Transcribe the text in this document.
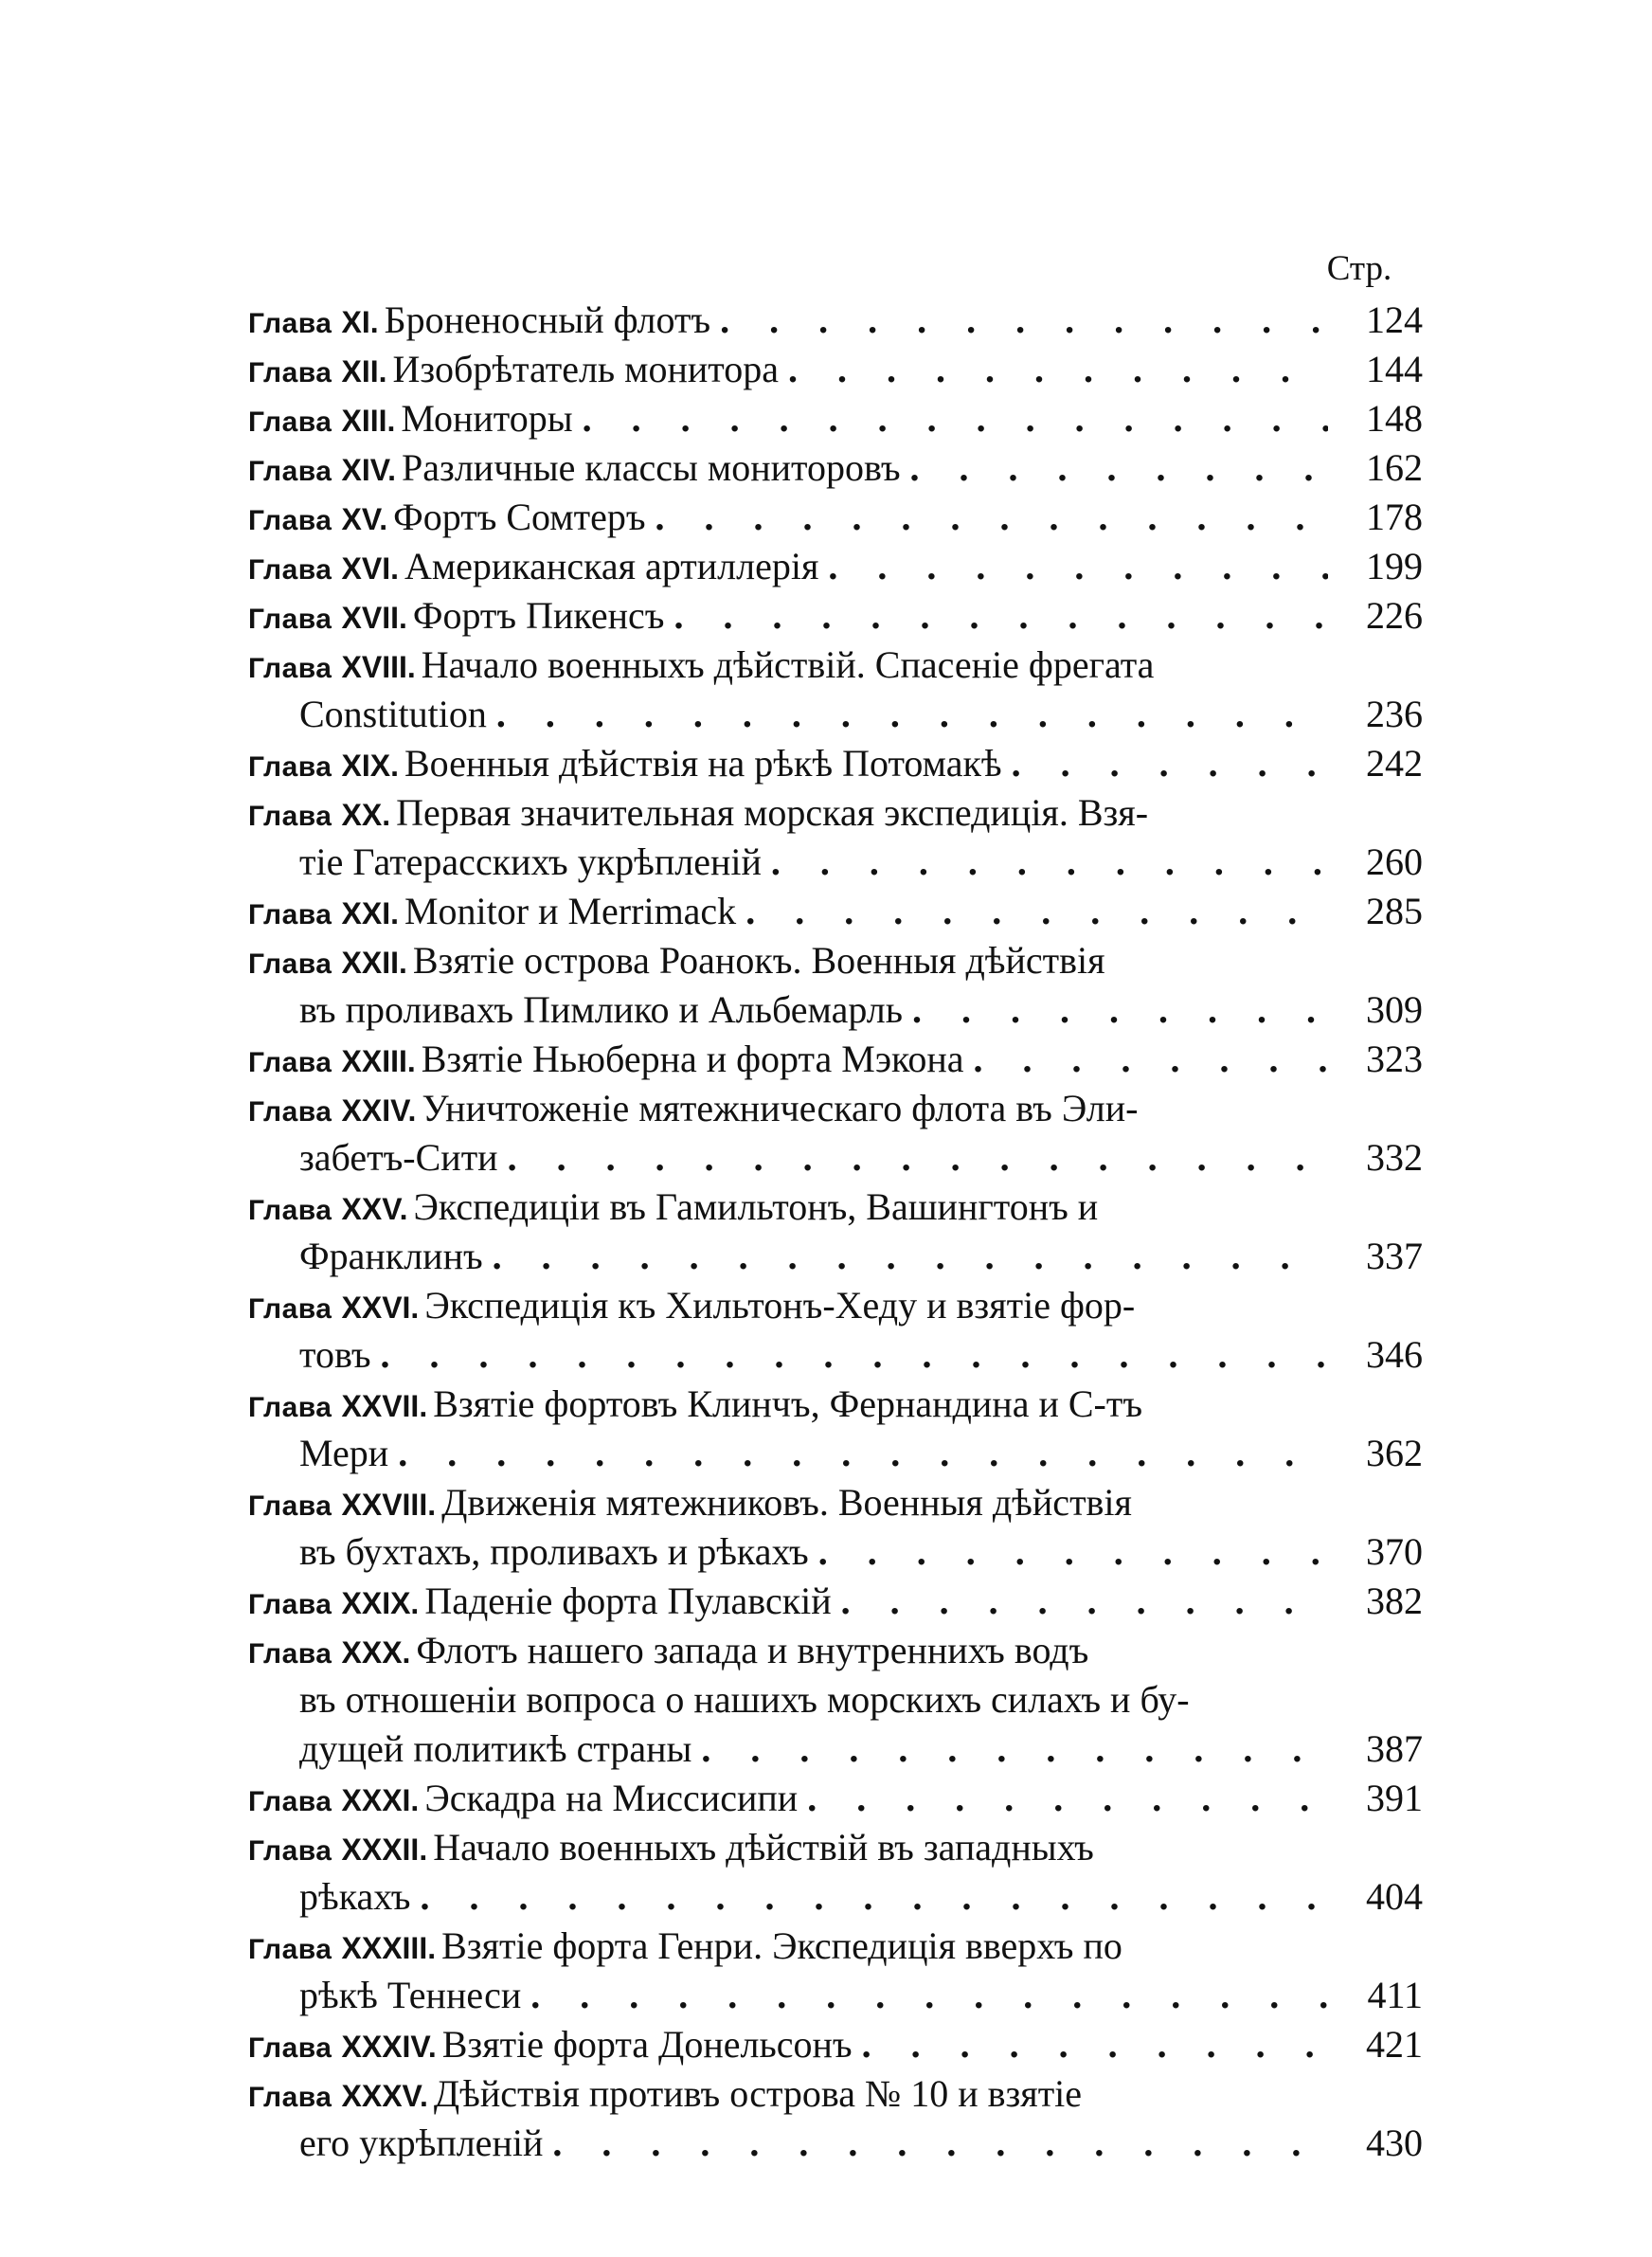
Стр.
Глава XI. Броненосный флотъ . . .	124
Глава XII. Изобрѣтатель монитора . . .	144
Глава XIII. Мониторы . . .	148
Глава XIV. Различные классы мониторовъ . . .	162
Глава XV. Фортъ Сомтеръ . . .	178
Глава XVI. Американская артиллерія . . .	199
Глава XVII. Фортъ Пикенсъ . . .	226
Глава XVIII. Начало военныхъ дѣйствій. Спасеніе фрегата
Constitution . . .	236
Глава XIX. Военныя дѣйствія на рѣкѣ Потомакѣ . . .	242
Глава XX. Первая значительная морская экспедиція. Взя-
тіе Гатерасскихъ укрѣпленій . . .	260
Глава XXI. Monitor и Merrimack . . .	285
Глава XXII. Взятіе острова Роанокъ. Военныя дѣйствія
въ проливахъ Пимлико и Альбемарль . . .	309
Глава XXIII. Взятіе Ньюберна и форта Мэкона . . .	323
Глава XXIV. Уничтоженіе мятежническаго флота въ Эли-
забетъ-Сити . . .	332
Глава XXV. Экспедиціи въ Гамильтонъ, Вашингтонъ и
Франклинъ . . .	337
Глава XXVI. Экспедиція къ Хильтонъ-Хеду и взятіе фор-
товъ . . .	346
Глава XXVII. Взятіе фортовъ Клинчъ, Фернандина и С-тъ
Мери . . .	362
Глава XXVIII. Движенія мятежниковъ. Военныя дѣйствія
въ бухтахъ, проливахъ и рѣкахъ . . .	370
Глава XXIX. Паденіе форта Пулавскій . . .	382
Глава XXX. Флотъ нашего запада и внутреннихъ водъ
въ отношеніи вопроса о нашихъ морскихъ силахъ и бу-
дущей политикѣ страны . . .	387
Глава XXXI. Эскадра на Миссисипи . . .	391
Глава XXXII. Начало военныхъ дѣйствій въ западныхъ
рѣкахъ . . .	404
Глава XXXIII. Взятіе форта Генри. Экспедиція вверхъ по
рѣкѣ Теннеси . . .	411
Глава XXXIV. Взятіе форта Донельсонъ . . .	421
Глава XXXV. Дѣйствія противъ острова № 10 и взятіе
его укрѣпленій . . .	430
